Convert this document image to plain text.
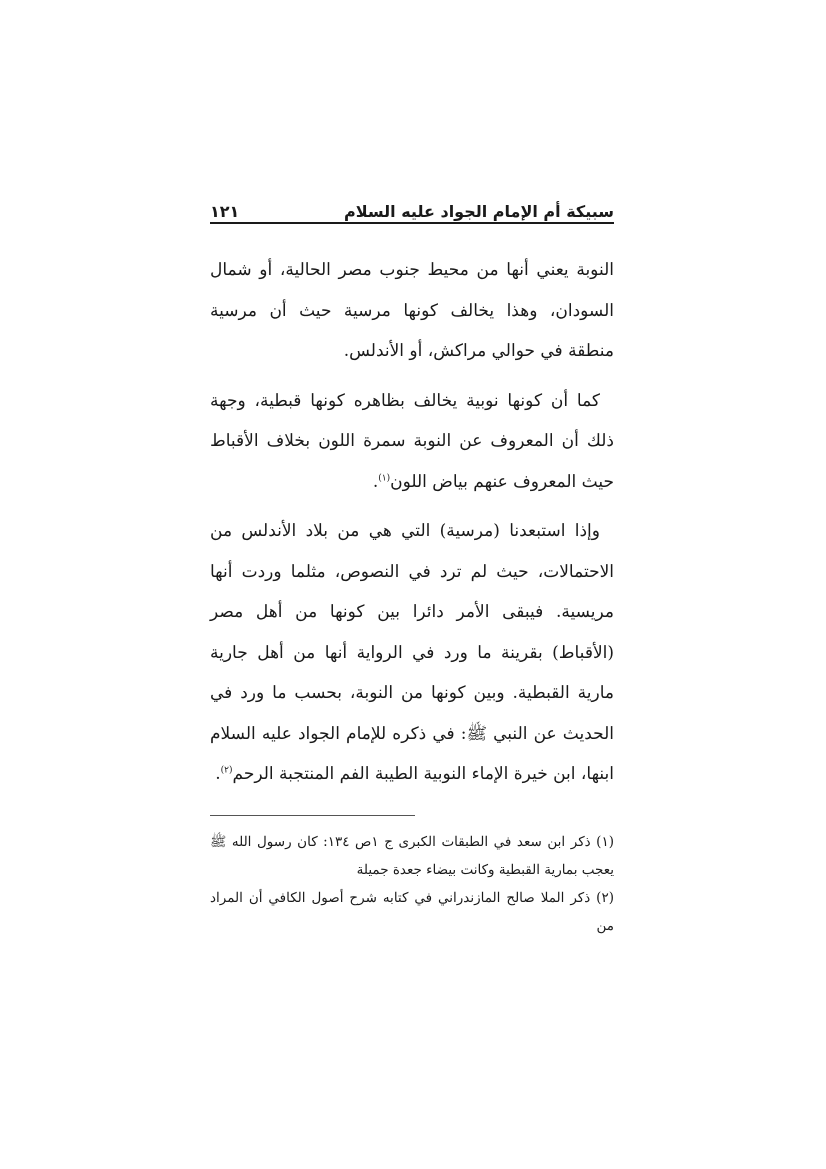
سبيكة أم الإمام الجواد عليه السلام
١٢١

النوبة يعني أنها من محيط جنوب مصر الحالية، أو شمال السودان، وهذا يخالف كونها مرسية حيث أن مرسية منطقة في حوالي مراكش، أو الأندلس.

كما أن كونها نوبية يخالف بظاهره كونها قبطية، وجهة ذلك أن المعروف عن النوبة سمرة اللون بخلاف الأقباط حيث المعروف عنهم بياض اللون$^{(١)}$.

وإذا استبعدنا (مرسية) التي هي من بلاد الأندلس من الاحتمالات، حيث لم ترد في النصوص، مثلما وردت أنها مريسية. فيبقى الأمر دائرا بين كونها من أهل مصر (الأقباط) بقرينة ما ورد في الرواية أنها من أهل جارية مارية القبطية. وبين كونها من النوبة، بحسب ما ورد في الحديث عن النبي ﷺ: في ذكره للإمام الجواد عليه السلام ابنها، ابن خيرة الإماء النوبية الطيبة الفم المنتجبة الرحم$^{(٢)}$.

(١) ذكر ابن سعد في الطبقات الكبرى ج ١ص ١٣٤: كان رسول الله ﷺ يعجب بمارية القبطية وكانت بيضاء جعدة جميلة

(٢) ذكر الملا صالح المازندراني في كتابه شرح أصول الكافي أن المراد من
